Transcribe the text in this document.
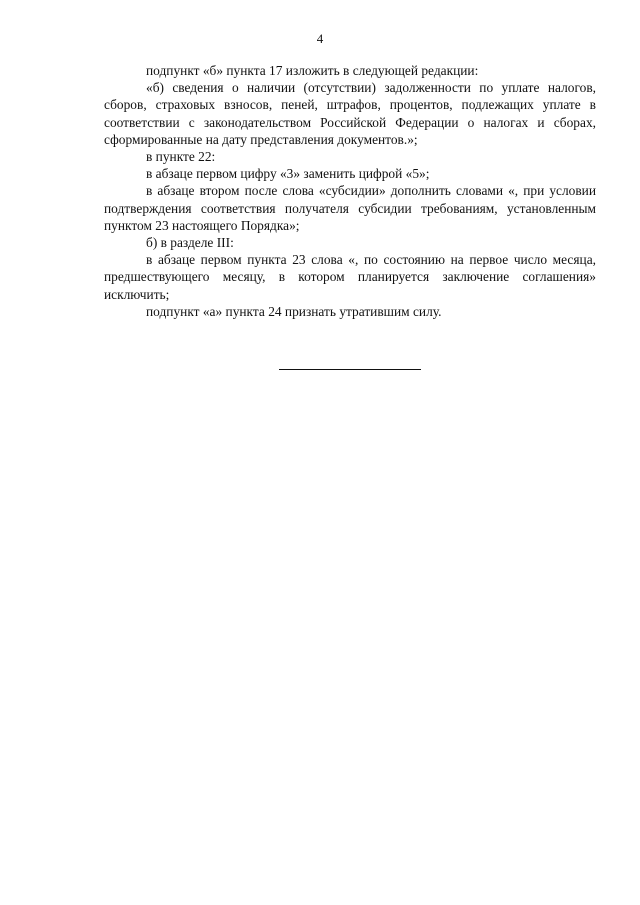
4

подпункт «б» пункта 17 изложить в следующей редакции:

«б) сведения о наличии (отсутствии) задолженности по уплате налогов, сборов, страховых взносов, пеней, штрафов, процентов, подлежащих уплате в соответствии с законодательством Российской Федерации о налогах и сборах, сформированные на дату представления документов.»;

в пункте 22:

в абзаце первом цифру «3» заменить цифрой «5»;

в абзаце втором после слова «субсидии» дополнить словами «, при условии подтверждения соответствия получателя субсидии требованиям, установленным пунктом 23 настоящего Порядка»;

б) в разделе III:

в абзаце первом пункта 23 слова «, по состоянию на первое число месяца, предшествующего месяцу, в котором планируется заключение соглашения» исключить;

подпункт «а» пункта 24 признать утратившим силу.
